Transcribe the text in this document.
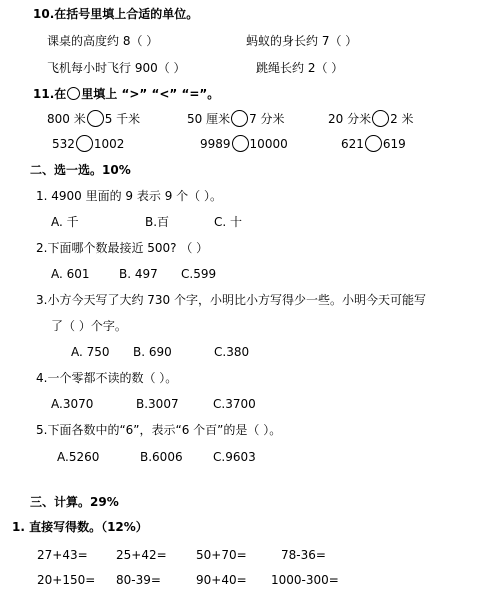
10.在括号里填上合适的单位。
课桌的高度约 8（ ）	蚂蚁的身长约 7（ ）
飞机每小时飞行 900（ ）	跳绳长约 2（ ）
11.在 里填上 “>” “<” “=”。
800 米 5 千米	50 厘米 7 分米	20 分米 2 米
532 1002	9989 10000	621 619
二、选一选。10%
1. 4900 里面的 9 表示 9 个（ ）。
A. 千	B.百	C. 十
2.下面哪个数最接近 500? （ ）
A. 601 B. 497 C.599
3.小方今天写了大约 730 个字，小明比小方写得少一些。小明今天可能写
了（ ）个字。
A. 750 B. 690	C.380
4.一个零都不读的数（ ）。
A.3070	B.3007	C.3700
5.下面各数中的“6”，表示“6 个百”的是（ ）。
A.5260	B.6006	C.9603
三、计算。29%
1. 直接写得数。（12%）
27+43= 25+42= 50+70=	78-36=
20+150= 80-39=	90+40= 1000-300=
